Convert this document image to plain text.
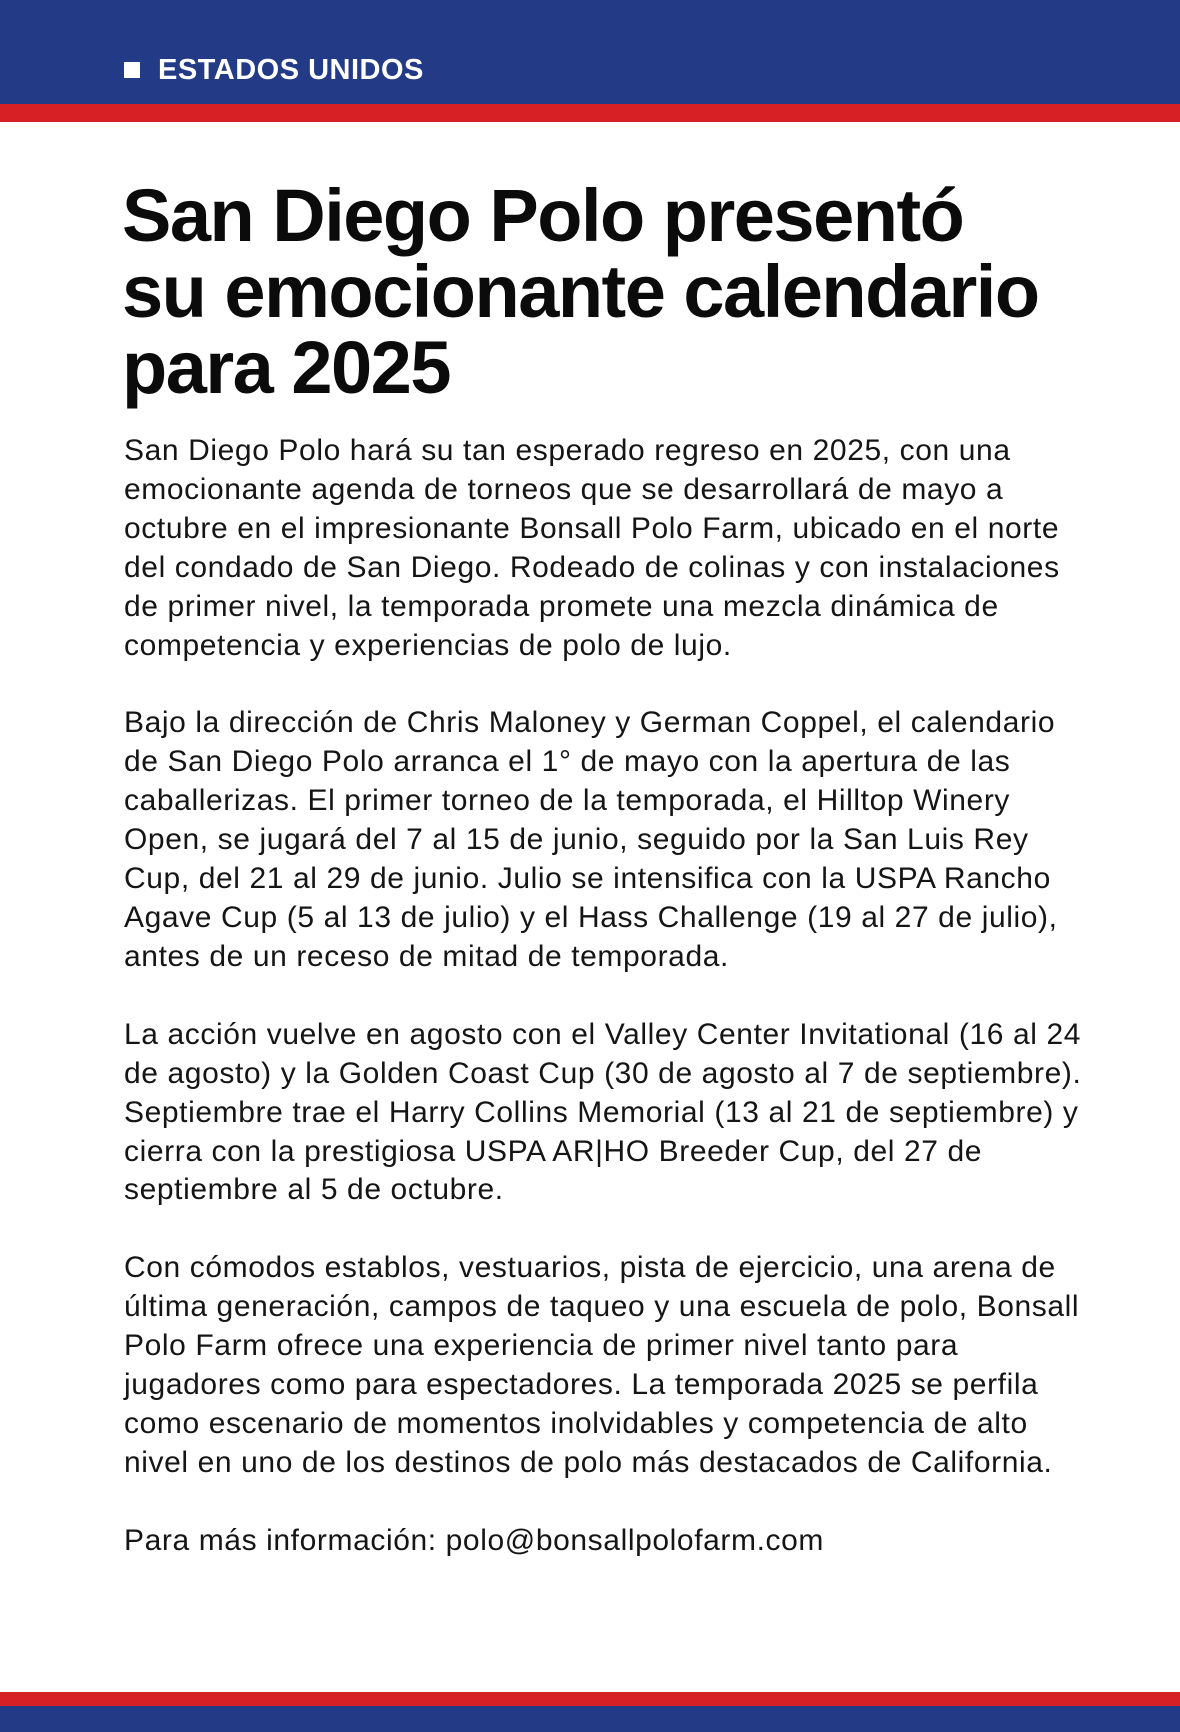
ESTADOS UNIDOS
San Diego Polo presentó
su emocionante calendario
para 2025

San Diego Polo hará su tan esperado regreso en 2025, con una emocionante agenda de torneos que se desarrollará de mayo a octubre en el impresionante Bonsall Polo Farm, ubicado en el norte del condado de San Diego. Rodeado de colinas y con instalaciones de primer nivel, la temporada promete una mezcla dinámica de competencia y experiencias de polo de lujo.

Bajo la dirección de Chris Maloney y German Coppel, el calendario de San Diego Polo arranca el 1° de mayo con la apertura de las caballerizas. El primer torneo de la temporada, el Hilltop Winery Open, se jugará del 7 al 15 de junio, seguido por la San Luis Rey Cup, del 21 al 29 de junio. Julio se intensifica con la USPA Rancho Agave Cup (5 al 13 de julio) y el Hass Challenge (19 al 27 de julio), antes de un receso de mitad de temporada.

La acción vuelve en agosto con el Valley Center Invitational (16 al 24 de agosto) y la Golden Coast Cup (30 de agosto al 7 de septiembre). Septiembre trae el Harry Collins Memorial (13 al 21 de septiembre) y cierra con la prestigiosa USPA AR|HO Breeder Cup, del 27 de septiembre al 5 de octubre.

Con cómodos establos, vestuarios, pista de ejercicio, una arena de última generación, campos de taqueo y una escuela de polo, Bonsall Polo Farm ofrece una experiencia de primer nivel tanto para jugadores como para espectadores. La temporada 2025 se perfila como escenario de momentos inolvidables y competencia de alto nivel en uno de los destinos de polo más destacados de California.

Para más información: polo@bonsallpolofarm.com
